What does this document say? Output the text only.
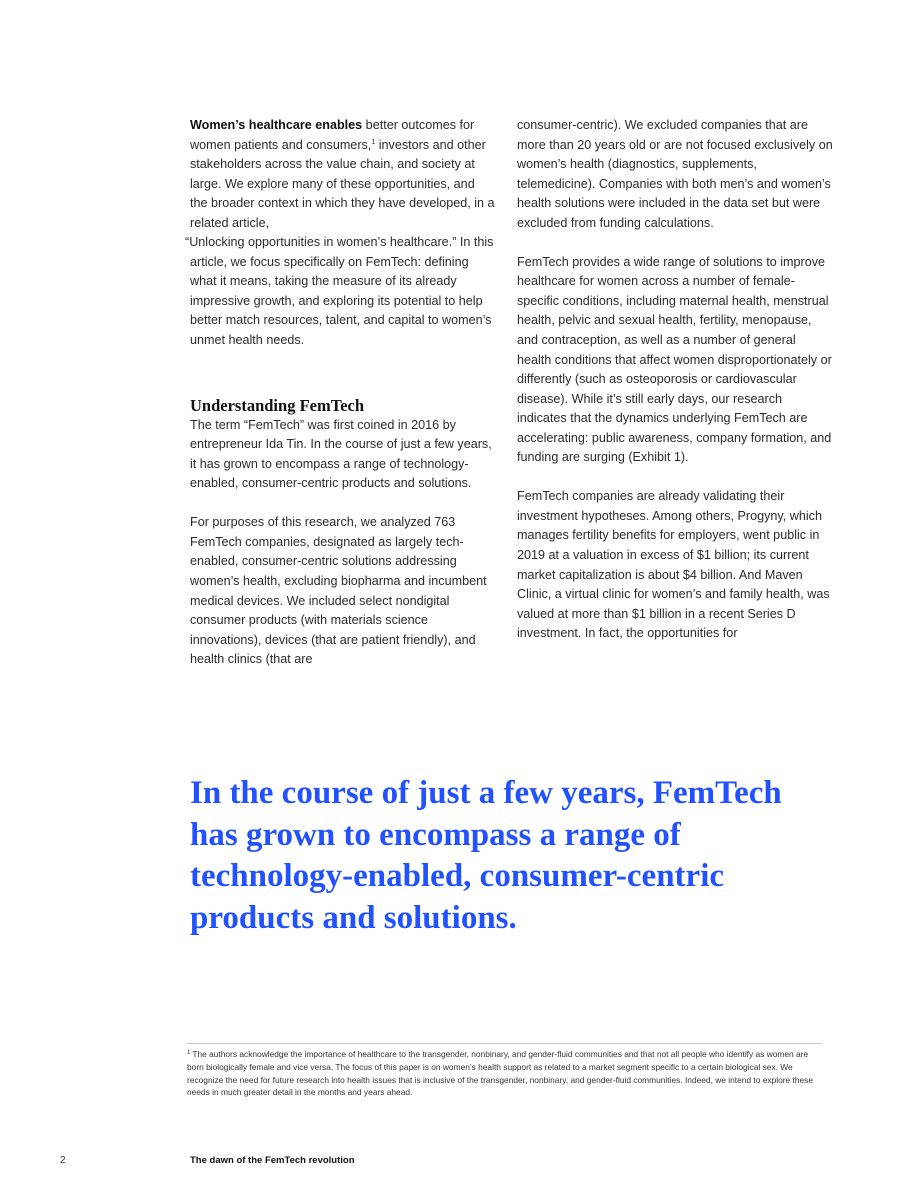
Women’s healthcare enables better outcomes for women patients and consumers,$^1$ investors and other stakeholders across the value chain, and society at large. We explore many of these opportunities, and the broader context in which they have developed, in a related article,
“Unlocking opportunities in women’s healthcare.” In this article, we focus specifically on FemTech: defining what it means, taking the measure of its already impressive growth, and exploring its potential to help better match resources, talent, and capital to women’s unmet health needs.

Understanding FemTech

The term “FemTech” was first coined in 2016 by entrepreneur Ida Tin. In the course of just a few years, it has grown to encompass a range of technology-enabled, consumer-centric products and solutions.

For purposes of this research, we analyzed 763 FemTech companies, designated as largely tech-enabled, consumer-centric solutions addressing women’s health, excluding biopharma and incumbent medical devices. We included select nondigital consumer products (with materials science innovations), devices (that are patient friendly), and health clinics (that are

consumer-centric). We excluded companies that are more than 20 years old or are not focused exclusively on women’s health (diagnostics, supplements, telemedicine). Companies with both men’s and women’s health solutions were included in the data set but were excluded from funding calculations.

FemTech provides a wide range of solutions to improve healthcare for women across a number of female-specific conditions, including maternal health, menstrual health, pelvic and sexual health, fertility, menopause, and contraception, as well as a number of general health conditions that affect women disproportionately or differently (such as osteoporosis or cardiovascular disease). While it’s still early days, our research indicates that the dynamics underlying FemTech are accelerating: public awareness, company formation, and funding are surging (Exhibit 1).

FemTech companies are already validating their investment hypotheses. Among others, Progyny, which manages fertility benefits for employers, went public in 2019 at a valuation in excess of $1 billion; its current market capitalization is about $4 billion. And Maven Clinic, a virtual clinic for women’s and family health, was valued at more than $1 billion in a recent Series D investment. In fact, the opportunities for

In the course of just a few years, FemTech has grown to encompass a range of technology-enabled, consumer-centric products and solutions.

$^1$ The authors acknowledge the importance of healthcare to the transgender, nonbinary, and gender-fluid communities and that not all people who identify as women are born biologically female and vice versa. The focus of this paper is on women’s health support as related to a market segment specific to a certain biological sex. We recognize the need for future research into health issues that is inclusive of the transgender, nonbinary, and gender-fluid communities. Indeed, we intend to explore these needs in much greater detail in the months and years ahead.

2	The dawn of the FemTech revolution
